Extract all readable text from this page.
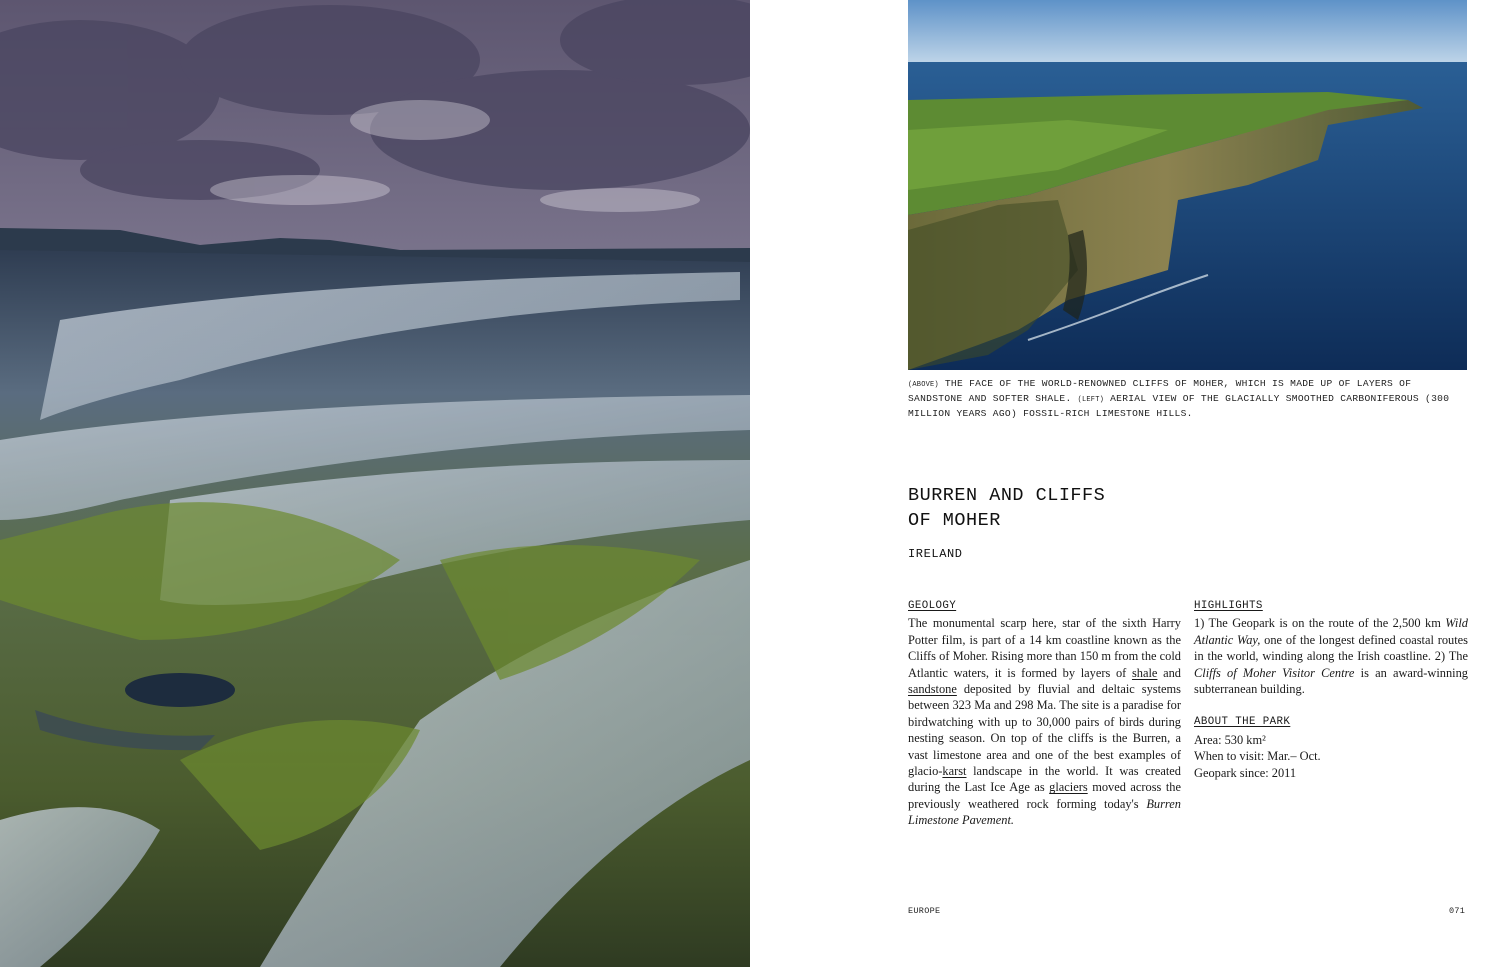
(ABOVE) THE FACE OF THE WORLD-RENOWNED CLIFFS OF MOHER, WHICH IS MADE UP OF LAYERS OF SANDSTONE AND SOFTER SHALE. (LEFT) AERIAL VIEW OF THE GLACIALLY SMOOTHED CARBONIFEROUS (300 MILLION YEARS AGO) FOSSIL-RICH LIMESTONE HILLS.
BURREN AND CLIFFS
OF MOHER
IRELAND
GEOLOGY
The monumental scarp here, star of the sixth Harry Potter film, is part of a 14 km coastline known as the Cliffs of Moher. Rising more than 150 m from the cold Atlantic waters, it is formed by layers of shale and sandstone deposited by fluvial and deltaic systems between 323 Ma and 298 Ma. The site is a paradise for birdwatching with up to 30,000 pairs of birds during nesting season. On top of the cliffs is the Burren, a vast limestone area and one of the best examples of glacio-karst landscape in the world. It was created during the Last Ice Age as glaciers moved across the previously weathered rock forming today's Burren Limestone Pavement.
HIGHLIGHTS
1) The Geopark is on the route of the 2,500 km Wild Atlantic Way, one of the longest defined coastal routes in the world, winding along the Irish coastline. 2) The Cliffs of Moher Visitor Centre is an award-winning subterranean building.
ABOUT THE PARK
Area: 530 km²
When to visit: Mar.– Oct.
Geopark since: 2011
EUROPE	071
